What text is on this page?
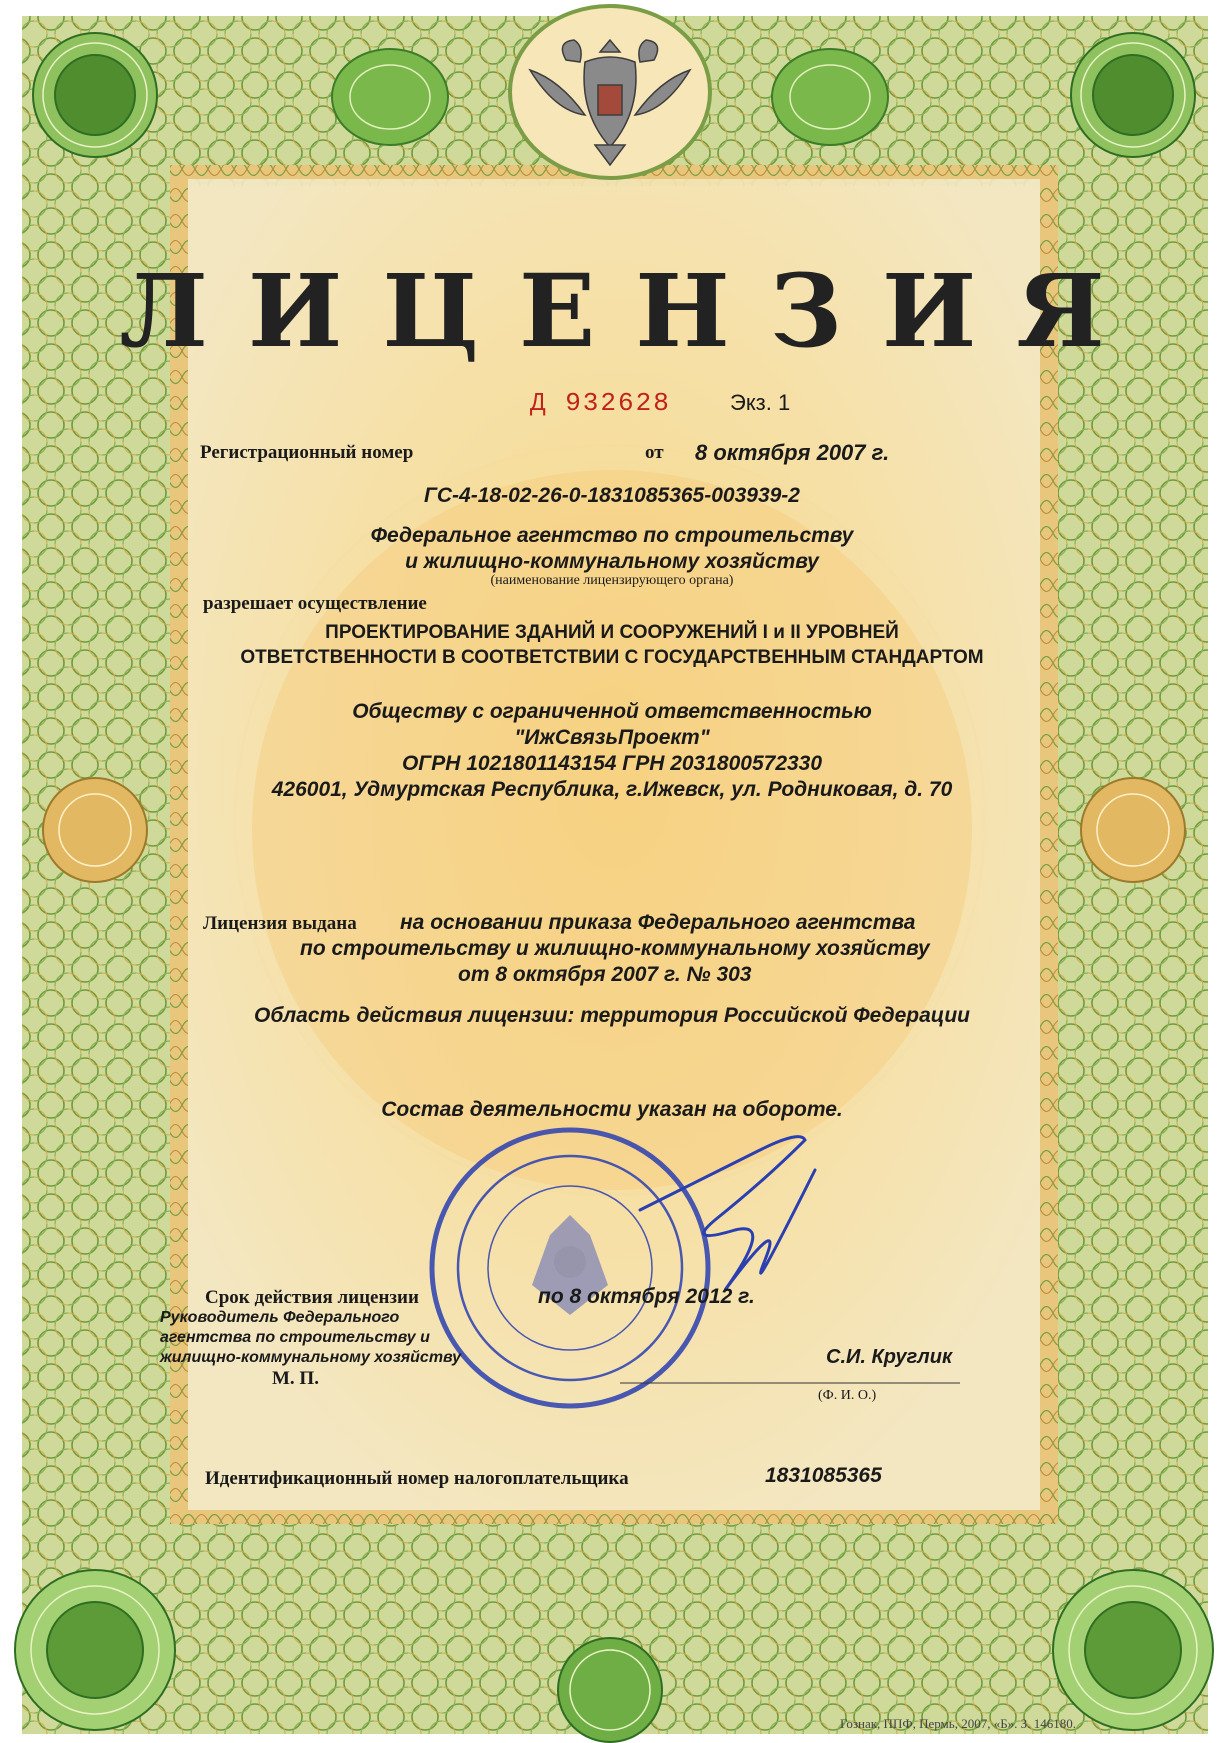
ЛИЦЕНЗИЯ
Д 932628	Экз. 1
Регистрационный номер	от 8 октября 2007 г.
ГС-4-18-02-26-0-1831085365-003939-2
Федеральное агентство по строительству
и жилищно-коммунальному хозяйству
(наименование лицензирующего органа)
разрешает осуществление
ПРОЕКТИРОВАНИЕ ЗДАНИЙ И СООРУЖЕНИЙ I и II УРОВНЕЙ
ОТВЕТСТВЕННОСТИ В СООТВЕТСТВИИ С ГОСУДАРСТВЕННЫМ СТАНДАРТОМ
Обществу с ограниченной ответственностью
"ИжСвязьПроект"
ОГРН 1021801143154 ГРН 2031800572330
426001, Удмуртская Республика, г.Ижевск, ул. Родниковая, д. 70
Лицензия выдана на основании приказа Федерального агентства
по строительству и жилищно-коммунальному хозяйству
от 8 октября 2007 г. № 303
Область действия лицензии: территория Российской Федерации
Состав деятельности указан на обороте.
Срок действия лицензии	по 8 октября 2012 г.
Руководитель Федерального
агентства по строительству и
жилищно-коммунальному хозяйству
М. П.
С.И. Круглик
(Ф. И. О.)
Идентификационный номер налогоплательщика	1831085365
Гознак, ППФ, Пермь, 2007, «Б». З. 146180.
